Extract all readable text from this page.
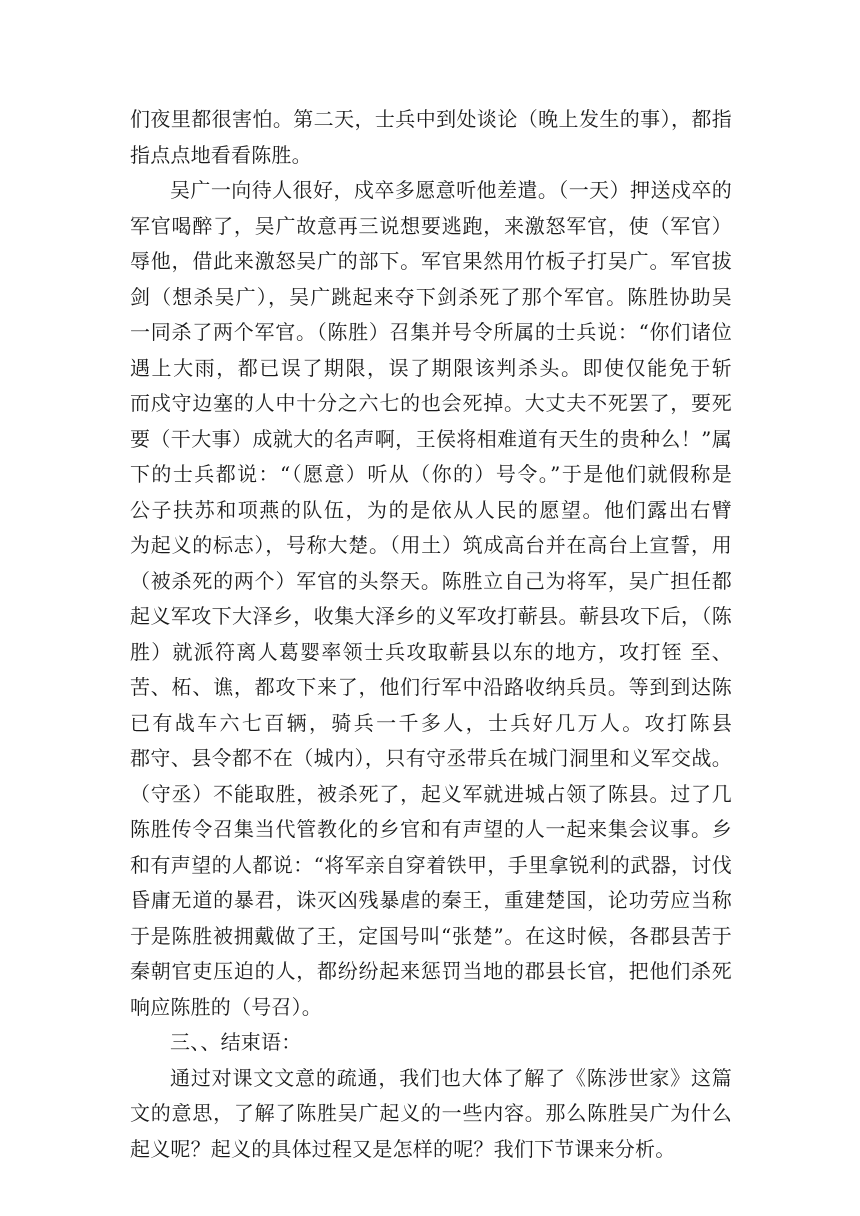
们夜里都很害怕。第二天，士兵中到处谈论（晚上发生的事），都指
指点点地看看陈胜。
吴广一向待人很好，戍卒多愿意听他差遣。（一天）押送戍卒的
军官喝醉了，吴广故意再三说想要逃跑，来激怒军官，使（军官）
辱他，借此来激怒吴广的部下。军官果然用竹板子打吴广。军官拔
剑（想杀吴广），吴广跳起来夺下剑杀死了那个军官。陈胜协助吴
一同杀了两个军官。（陈胜）召集并号令所属的士兵说：“你们诸位
遇上大雨，都已误了期限，误了期限该判杀头。即使仅能免于斩
而戍守边塞的人中十分之六七的也会死掉。大丈夫不死罢了，要死
要（干大事）成就大的名声啊，王侯将相难道有天生的贵种么！”属
下的士兵都说：“（愿意）听从（你的）号令。”于是他们就假称是
公子扶苏和项燕的队伍，为的是依从人民的愿望。他们露出右臂
为起义的标志），号称大楚。（用土）筑成高台并在高台上宣誓，用
（被杀死的两个）军官的头祭天。陈胜立自己为将军，吴广担任都
起义军攻下大泽乡，收集大泽乡的义军攻打蕲县。蕲县攻下后，（陈
胜）就派符离人葛婴率领士兵攻取蕲县以东的地方，攻打铚 至、
苦、柘、谯，都攻下来了，他们行军中沿路收纳兵员。等到到达陈
已有战车六七百辆，骑兵一千多人，士兵好几万人。攻打陈县
郡守、县令都不在（城内），只有守丞带兵在城门洞里和义军交战。
（守丞）不能取胜，被杀死了，起义军就进城占领了陈县。过了几
陈胜传令召集当代管教化的乡官和有声望的人一起来集会议事。乡
和有声望的人都说：“将军亲自穿着铁甲，手里拿锐利的武器，讨伐
昏庸无道的暴君，诛灭凶残暴虐的秦王，重建楚国，论功劳应当称
于是陈胜被拥戴做了王，定国号叫“张楚”。在这时候，各郡县苦于
秦朝官吏压迫的人，都纷纷起来惩罚当地的郡县长官，把他们杀死
响应陈胜的（号召）。
三、、结束语：
通过对课文文意的疏通，我们也大体了解了《陈涉世家》这篇
文的意思，了解了陈胜吴广起义的一些内容。那么陈胜吴广为什么
起义呢？起义的具体过程又是怎样的呢？我们下节课来分析。
